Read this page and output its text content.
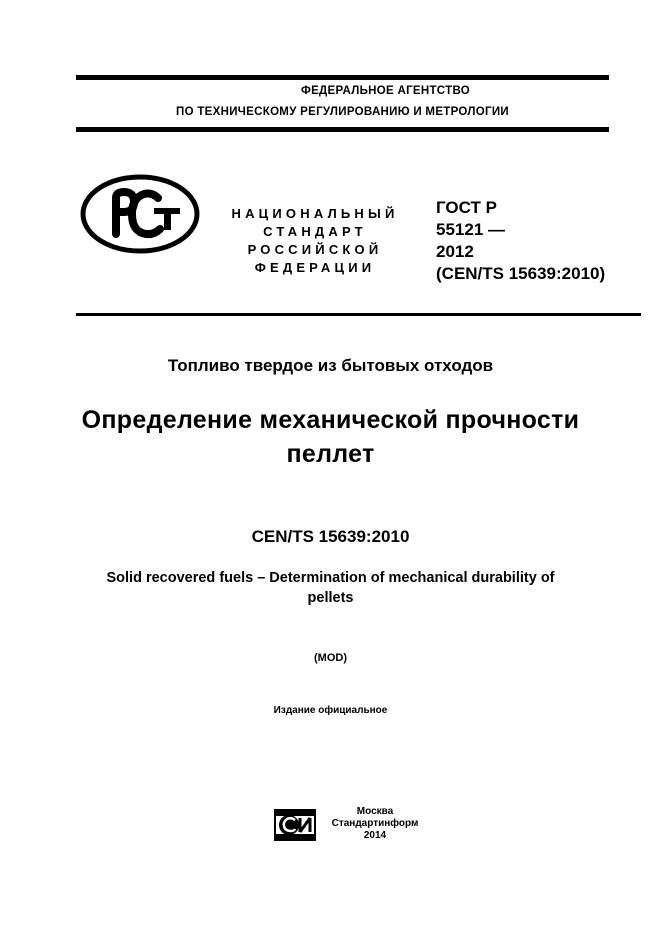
ФЕДЕРАЛЬНОЕ АГЕНТСТВО
ПО ТЕХНИЧЕСКОМУ РЕГУЛИРОВАНИЮ И МЕТРОЛОГИИ
НАЦИОНАЛЬНЫЙ
СТАНДАРТ
РОССИЙСКОЙ
ФЕДЕРАЦИИ
ГОСТ Р
55121 —
2012
(CEN/TS 15639:2010)
Топливо твердое из бытовых отходов
Определение механической прочности
пеллет
CEN/TS 15639:2010
Solid recovered fuels – Determination of mechanical durability of
pellets
(MOD)
Издание официальное
Москва
Стандартинформ
2014
